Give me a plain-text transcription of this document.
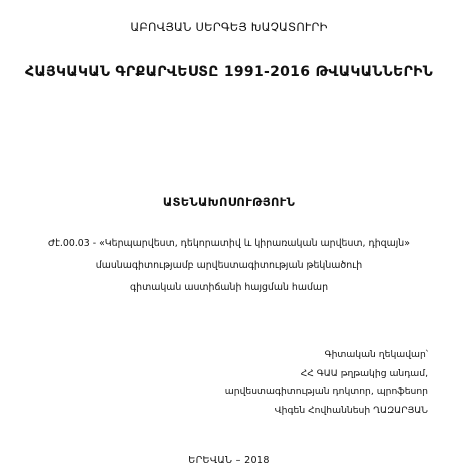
ԱԲՈՎՅԱՆ ՍԵՐԳԵՅ ԽԱՉԱՏՈՒՐԻ
ՀԱՅԿԱԿԱՆ ԳՐՔԱՐՎԵՍՏԸ 1991-2016 ԹՎԱԿԱՆՆԵՐԻՆ
ԱՏԵՆԱԽՈՍՈՒԹՅՈՒՆ
Ժէ.00.03 - «Կերպարվեստ, դեկորատիվ և կիրառական արվեստ, դիզայն»
մասնագիտությամբ արվեստագիտության թեկնածուի
գիտական աստիճանի հայցման համար
Գիտական ղեկավար՝
ՀՀ ԳԱԱ թղթակից անդամ,
արվեստագիտության դոկտոր, պրոֆեսոր
Վիգեն Հովհաննեսի ՂԱԶԱՐՅԱՆ
ԵՐԵՎԱՆ – 2018
